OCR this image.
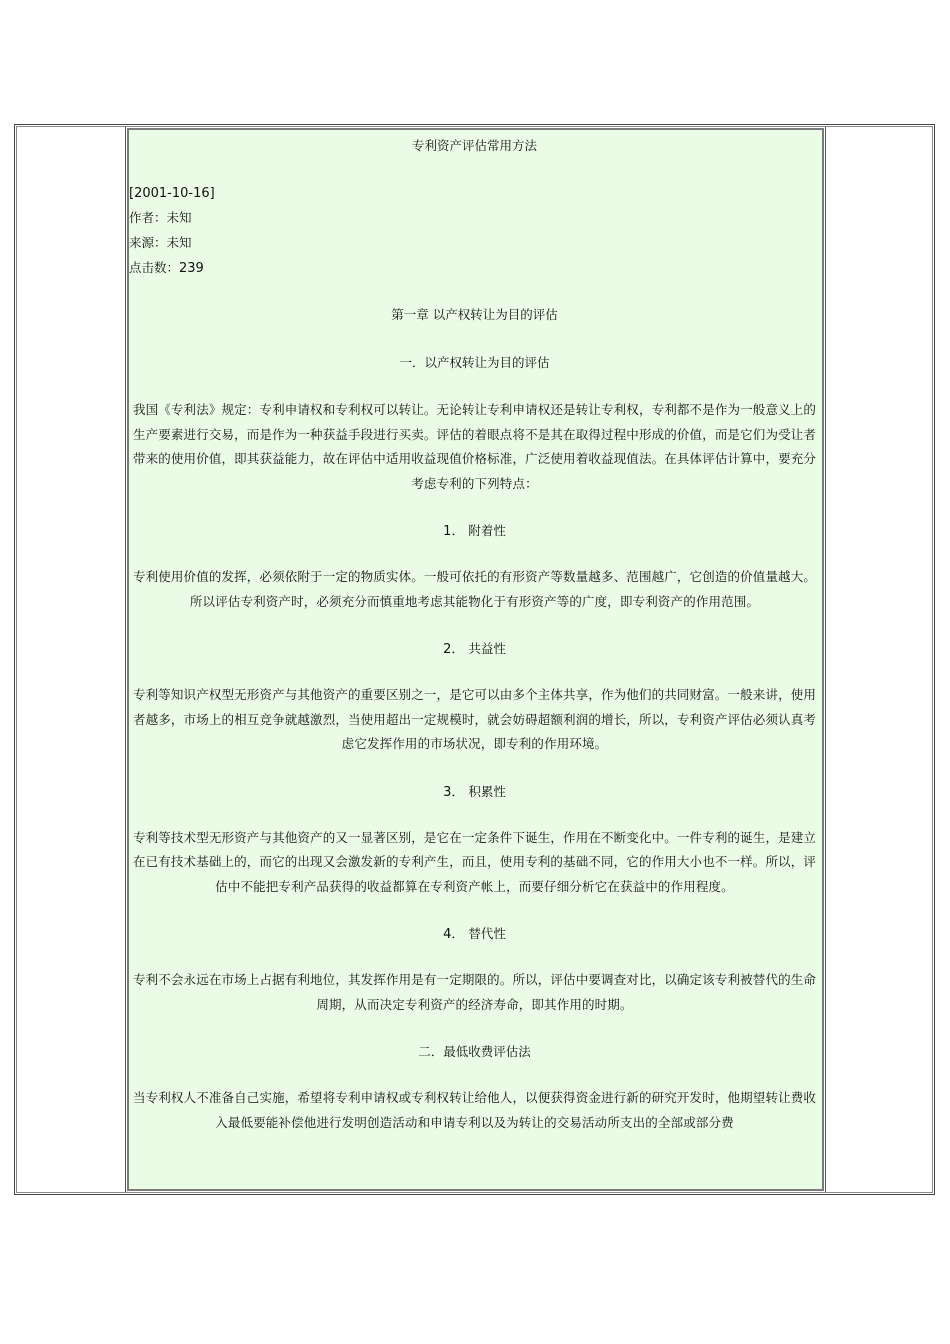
专利资产评估常用方法
[2001-10-16]
作者：未知
来源：未知
点击数：239
第一章 以产权转让为目的评估
一．以产权转让为目的评估

我国《专利法》规定：专利申请权和专利权可以转让。无论转让专利申请权还是转让专利权，专利都不是作为一般意义上的生产要素进行交易，而是作为一种获益手段进行买卖。评估的着眼点将不是其在取得过程中形成的价值，而是它们为受让者带来的使用价值，即其获益能力，故在评估中适用收益现值价格标准，广泛使用着收益现值法。在具体评估计算中，要充分考虑专利的下列特点：

1． 附着性

专利使用价值的发挥，必须依附于一定的物质实体。一般可依托的有形资产等数量越多、范围越广，它创造的价值量越大。所以评估专利资产时，必须充分而慎重地考虑其能物化于有形资产等的广度，即专利资产的作用范围。

2． 共益性

专利等知识产权型无形资产与其他资产的重要区别之一，是它可以由多个主体共享，作为他们的共同财富。一般来讲，使用者越多，市场上的相互竞争就越激烈，当使用超出一定规模时，就会妨碍超额利润的增长，所以，专利资产评估必须认真考虑它发挥作用的市场状况，即专利的作用环境。

3． 积累性

专利等技术型无形资产与其他资产的又一显著区别，是它在一定条件下诞生，作用在不断变化中。一件专利的诞生，是建立在已有技术基础上的，而它的出现又会激发新的专利产生，而且，使用专利的基础不同，它的作用大小也不一样。所以，评估中不能把专利产品获得的收益都算在专利资产帐上，而要仔细分析它在获益中的作用程度。

4． 替代性

专利不会永远在市场上占据有利地位，其发挥作用是有一定期限的。所以，评估中要调查对比，以确定该专利被替代的生命周期，从而决定专利资产的经济寿命，即其作用的时期。

二．最低收费评估法

当专利权人不准备自己实施，希望将专利申请权或专利权转让给他人，以便获得资金进行新的研究开发时，他期望转让费收入最低要能补偿他进行发明创造活动和申请专利以及为转让的交易活动所支出的全部或部分费
